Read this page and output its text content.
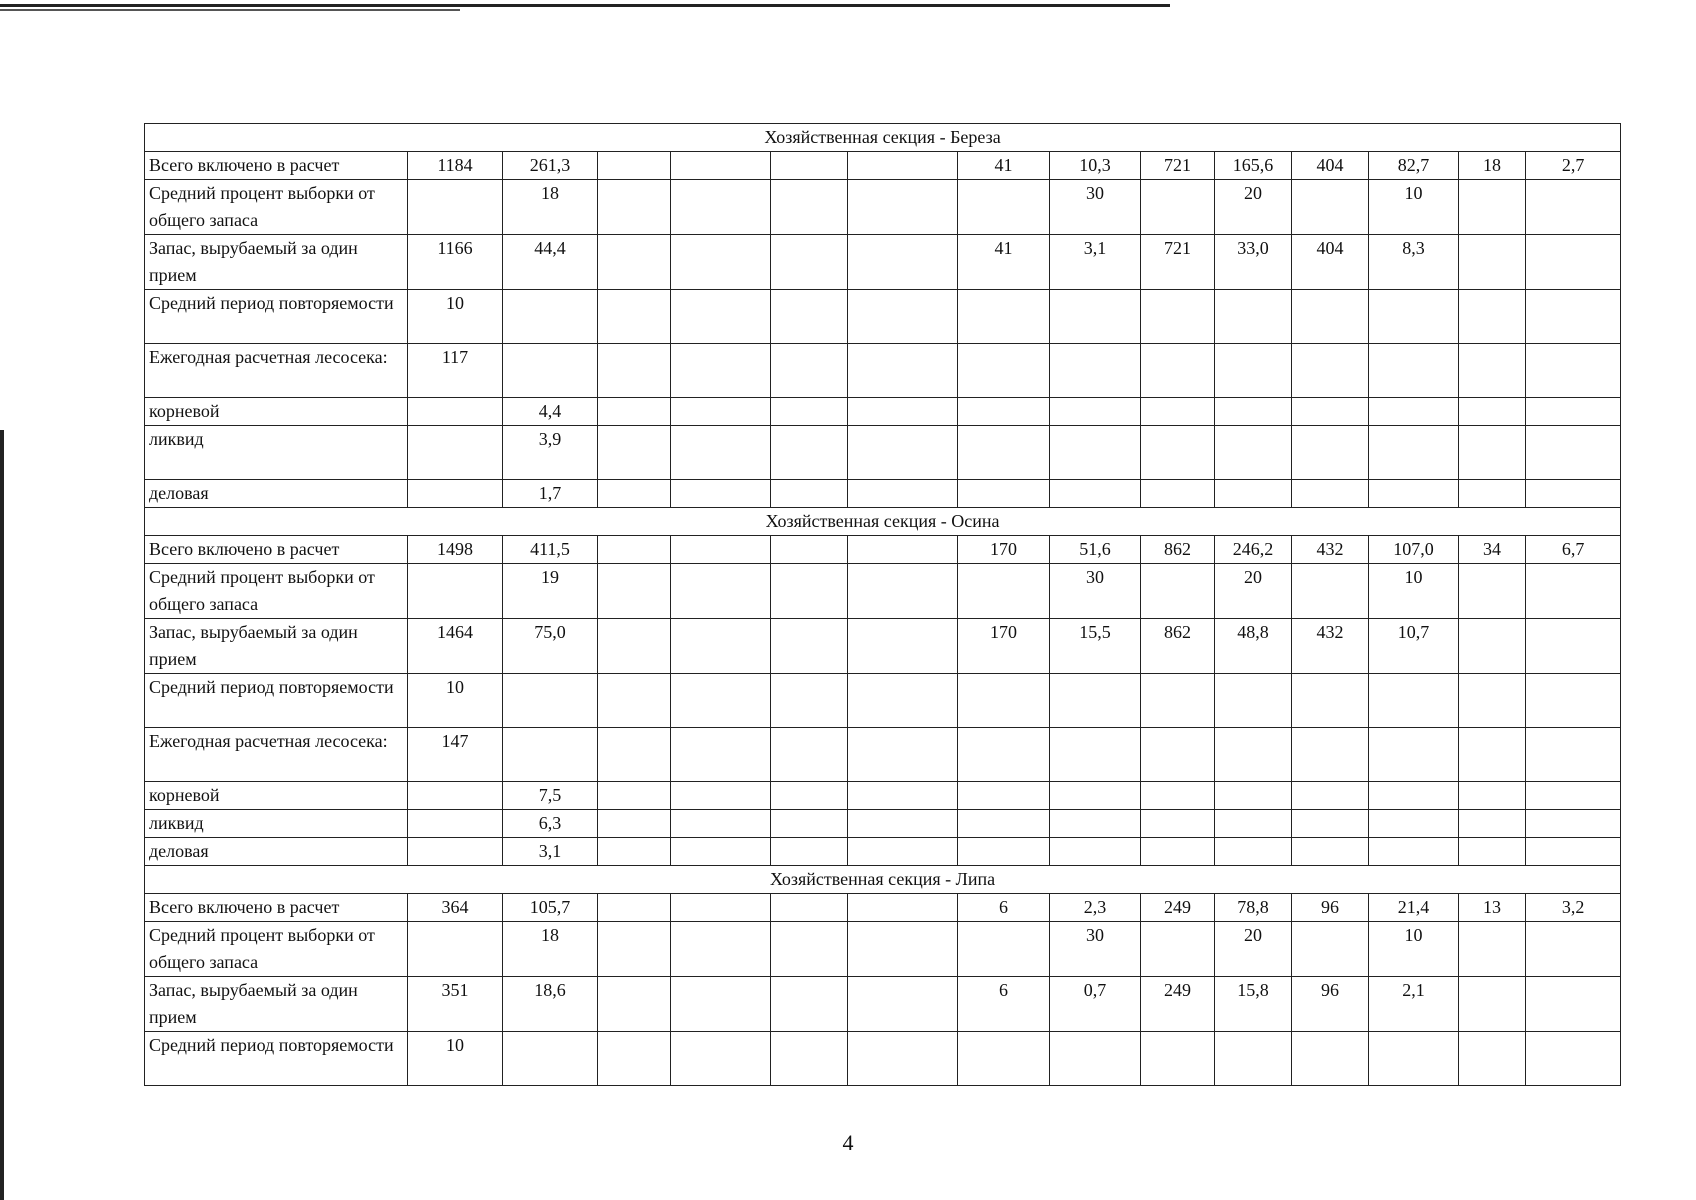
Хозяйственная секция - Береза														
Всего включено в расчет	1184	261,3					41	10,3	721	165,6	404	82,7	18	2,7
Средний процент выборки от общего запаса		18						30		20		10		
Запас, вырубаемый за один прием	1166	44,4					41	3,1	721	33,0	404	8,3		
Средний период повторяемости	10													
Ежегодная расчетная лесосека:	117													
корневой		4,4												
ликвид		3,9												
деловая		1,7												
Хозяйственная секция - Осина														
Всего включено в расчет	1498	411,5					170	51,6	862	246,2	432	107,0	34	6,7
Средний процент выборки от общего запаса		19						30		20		10		
Запас, вырубаемый за один прием	1464	75,0					170	15,5	862	48,8	432	10,7		
Средний период повторяемости	10													
Ежегодная расчетная лесосека:	147													
корневой		7,5												
ликвид		6,3												
деловая		3,1												
Хозяйственная секция - Липа														
Всего включено в расчет	364	105,7					6	2,3	249	78,8	96	21,4	13	3,2
Средний процент выборки от общего запаса		18						30		20		10		
Запас, вырубаемый за один прием	351	18,6					6	0,7	249	15,8	96	2,1		
Средний период повторяемости	10													
4
